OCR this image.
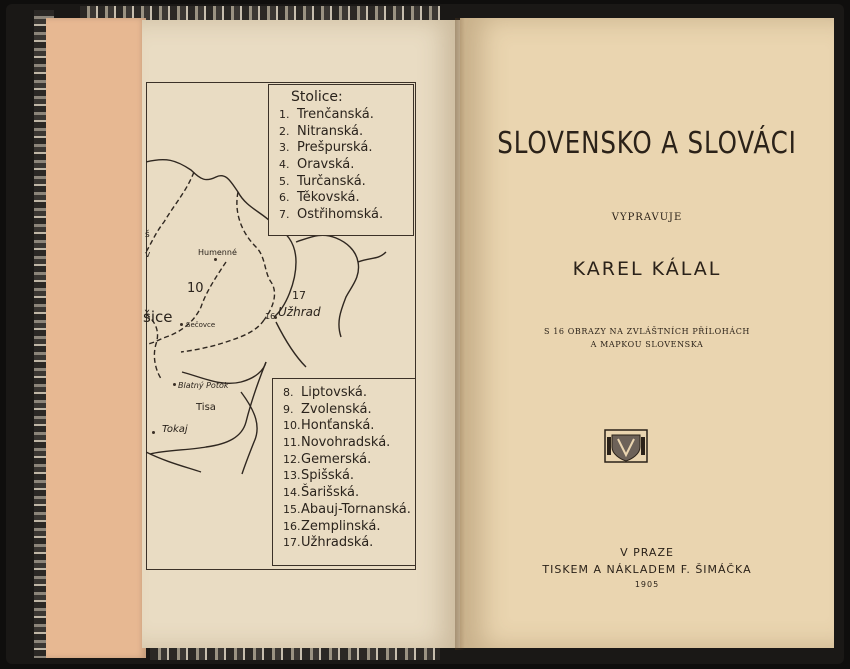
Humenné
10	17
Užhrad
šice Sečovce
16
Blatný Potok
Tisa
Tokaj
š
v
Stolice:
1. Trenčanská.
2. Nitranská.
3. Prešpurská.
4. Oravská.
5. Turčanská.
6. Těkovská.
7. Ostřihomská.
8. Liptovská.
9. Zvolenská.
10.Honťanská.
11.Novohradská.
12.Gemerská.
13.Spišská.
14.Šarišská.
15.Abauj-Tornanská.
16.Zemplinská.
17.Užhradská.
SLOVENSKO A SLOVÁCI
VYPRAVUJE
KAREL KÁLAL
S 16 OBRAZY NA ZVLÁŠTNÍCH PŘÍLOHÁCH
A MAPKOU SLOVENSKA
V PRAZE
TISKEM A NÁKLADEM F. ŠIMÁČKA
1905
